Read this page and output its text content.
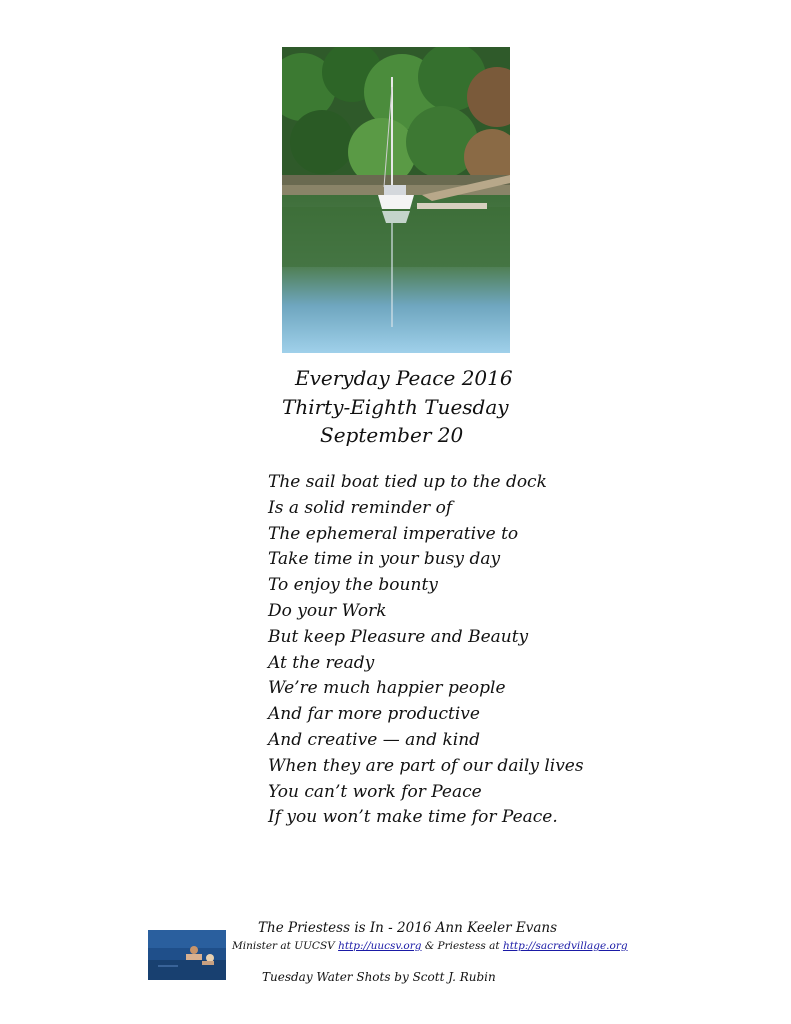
Everyday Peace 2016
Thirty-Eighth Tuesday
September 20
The sail boat tied up to the dock
Is a solid reminder of
The ephemeral imperative to
Take time in your busy day
To enjoy the bounty
Do your Work
But keep Pleasure and Beauty
At the ready
We’re much happier people
And far more productive
And creative — and kind
When they are part of our daily lives
You can’t work for Peace
If you won’t make time for Peace.
The Priestess is In - 2016 Ann Keeler Evans
Minister at UUCSV http://uucsv.org & Priestess at http://sacredvillage.org
Tuesday Water Shots by Scott J. Rubin
